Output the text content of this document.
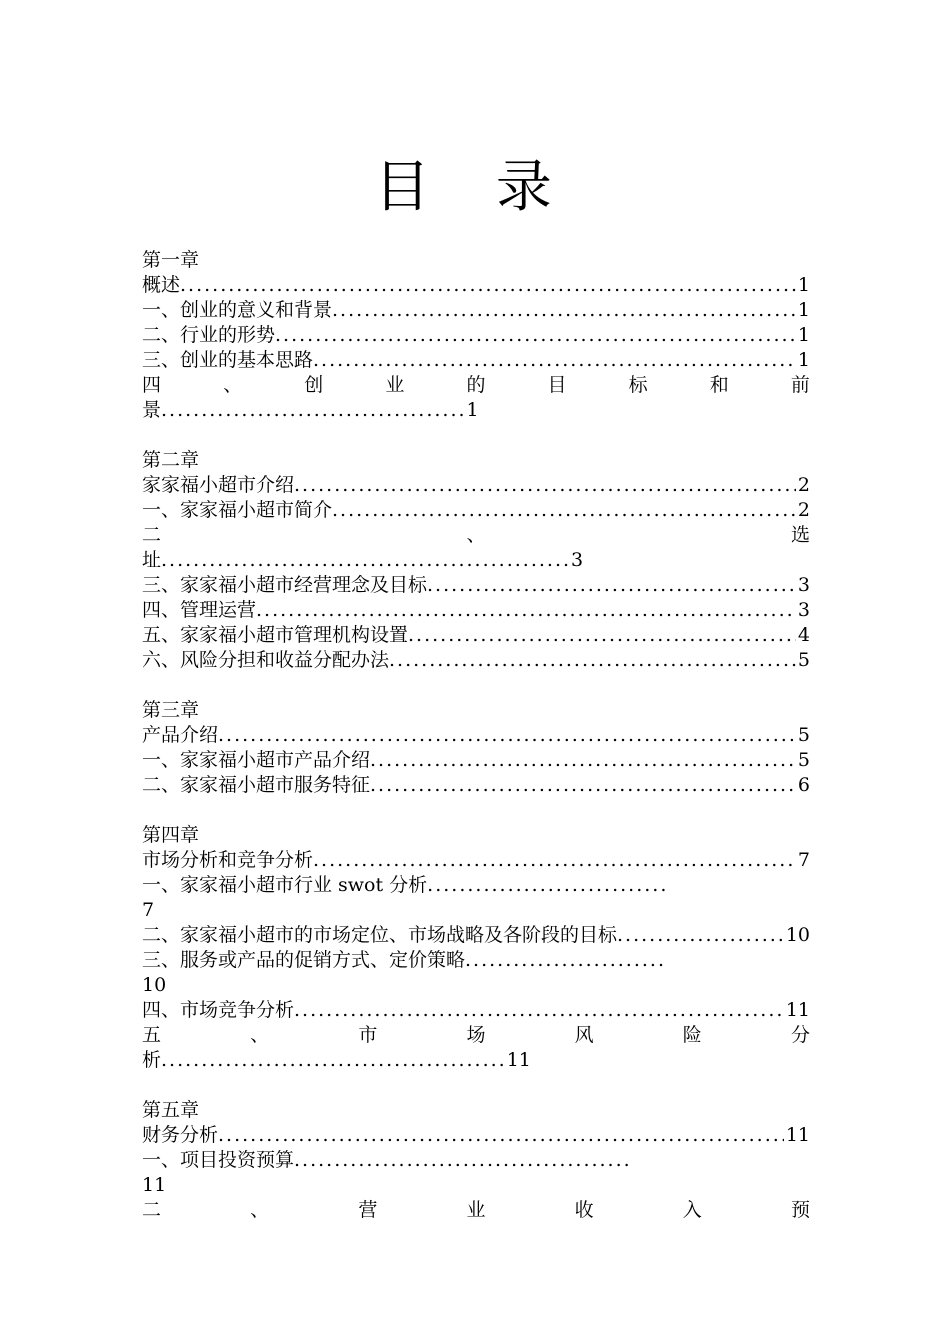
目 录
第一章
概述 .....	1
一、创业的意义和背景 .....	1
二、行业的形势 .....	1
三、创业的基本思路 .....	1
四	、	创	业	的	目	标	和	前
景 ...................................... 1
第二章
家家福小超市介绍 .....	2
一、家家福小超市简介 .....	2
二	、	选
址 ................................................... 3
三、家家福小超市经营理念及目标 .....	3
四、管理运营 .....	3
五、家家福小超市管理机构设置 .....	4
六、风险分担和收益分配办法 .....	5
第三章
产品介绍 .....	5
一、家家福小超市产品介绍 .....	5
二、家家福小超市服务特征 .....	6
第四章
市场分析和竞争分析 .....	7
一、家家福小超市行业 swot 分析 ..............................
7
二、家家福小超市的市场定位、市场战略及各阶段的目标 .....	10
三、服务或产品的促销方式、定价策略 .........................
10
四、市场竞争分析 .....	11
五	、	市	场	风	险	分
析 ........................................... 11
第五章
财务分析 .....	11
一、项目投资预算 ..........................................
11
二	、	营	业	收	入	预
